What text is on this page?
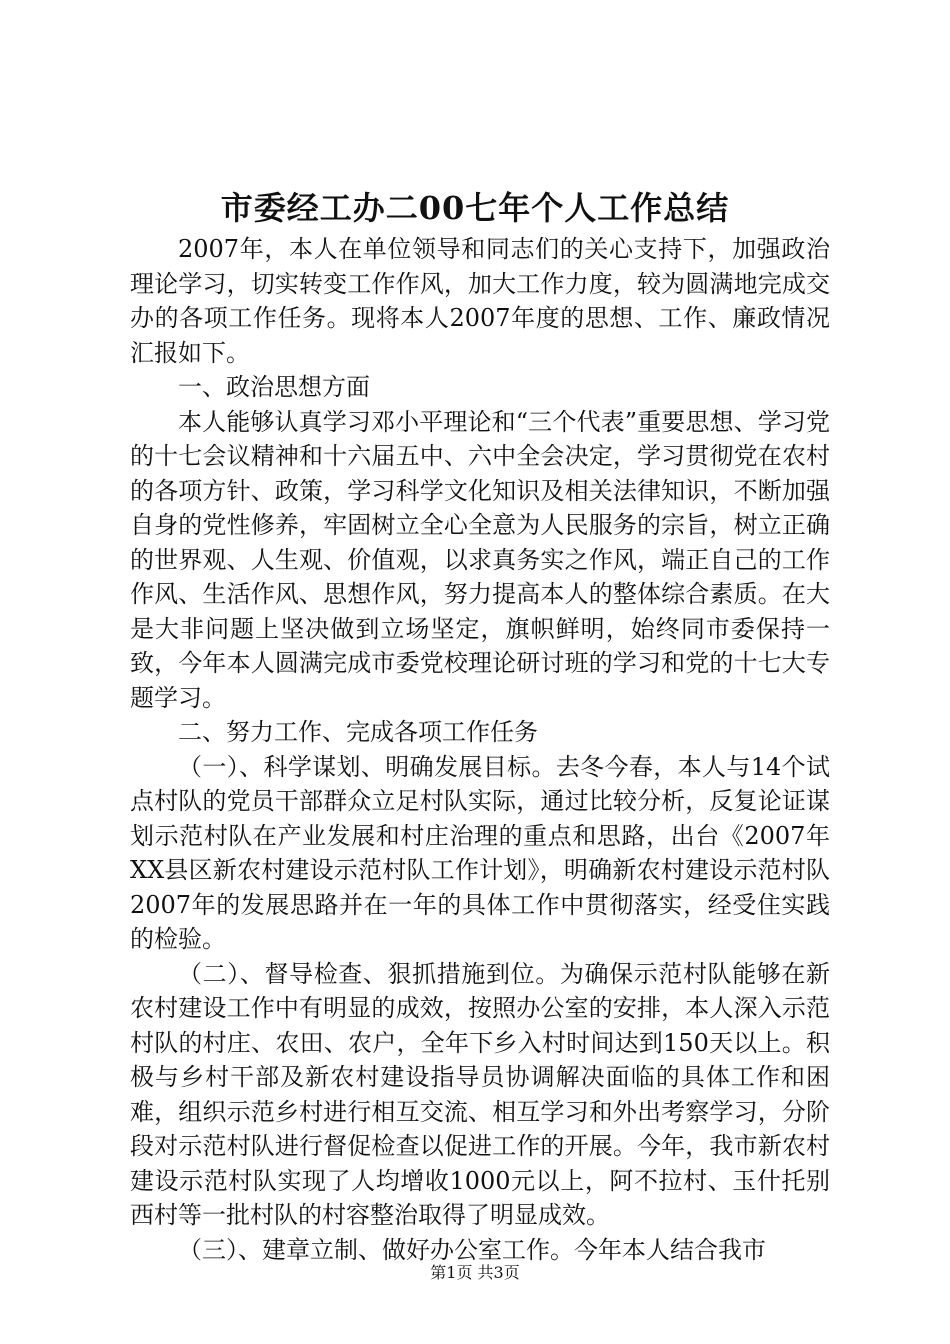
市委经工办二00七年个人工作总结

2007年，本人在单位领导和同志们的关心支持下，加强政治理论学习，切实转变工作作风，加大工作力度，较为圆满地完成交办的各项工作任务。现将本人2007年度的思想、工作、廉政情况汇报如下。

一、政治思想方面

本人能够认真学习邓小平理论和“三个代表”重要思想、学习党的十七会议精神和十六届五中、六中全会决定，学习贯彻党在农村的各项方针、政策，学习科学文化知识及相关法律知识，不断加强自身的党性修养，牢固树立全心全意为人民服务的宗旨，树立正确的世界观、人生观、价值观，以求真务实之作风，端正自己的工作作风、生活作风、思想作风，努力提高本人的整体综合素质。在大是大非问题上坚决做到立场坚定，旗帜鲜明，始终同市委保持一致，今年本人圆满完成市委党校理论研讨班的学习和党的十七大专题学习。

二、努力工作、完成各项工作任务

（一）、科学谋划、明确发展目标。去冬今春，本人与14个试点村队的党员干部群众立足村队实际，通过比较分析，反复论证谋划示范村队在产业发展和村庄治理的重点和思路，出台《2007年XX县区新农村建设示范村队工作计划》，明确新农村建设示范村队2007年的发展思路并在一年的具体工作中贯彻落实，经受住实践的检验。

（二）、督导检查、狠抓措施到位。为确保示范村队能够在新农村建设工作中有明显的成效，按照办公室的安排，本人深入示范村队的村庄、农田、农户，全年下乡入村时间达到150天以上。积极与乡村干部及新农村建设指导员协调解决面临的具体工作和困难，组织示范乡村进行相互交流、相互学习和外出考察学习，分阶段对示范村队进行督促检查以促进工作的开展。今年，我市新农村建设示范村队实现了人均增收1000元以上，阿不拉村、玉什托别西村等一批村队的村容整治取得了明显成效。

（三）、建章立制、做好办公室工作。今年本人结合我市

第1页 共3页
